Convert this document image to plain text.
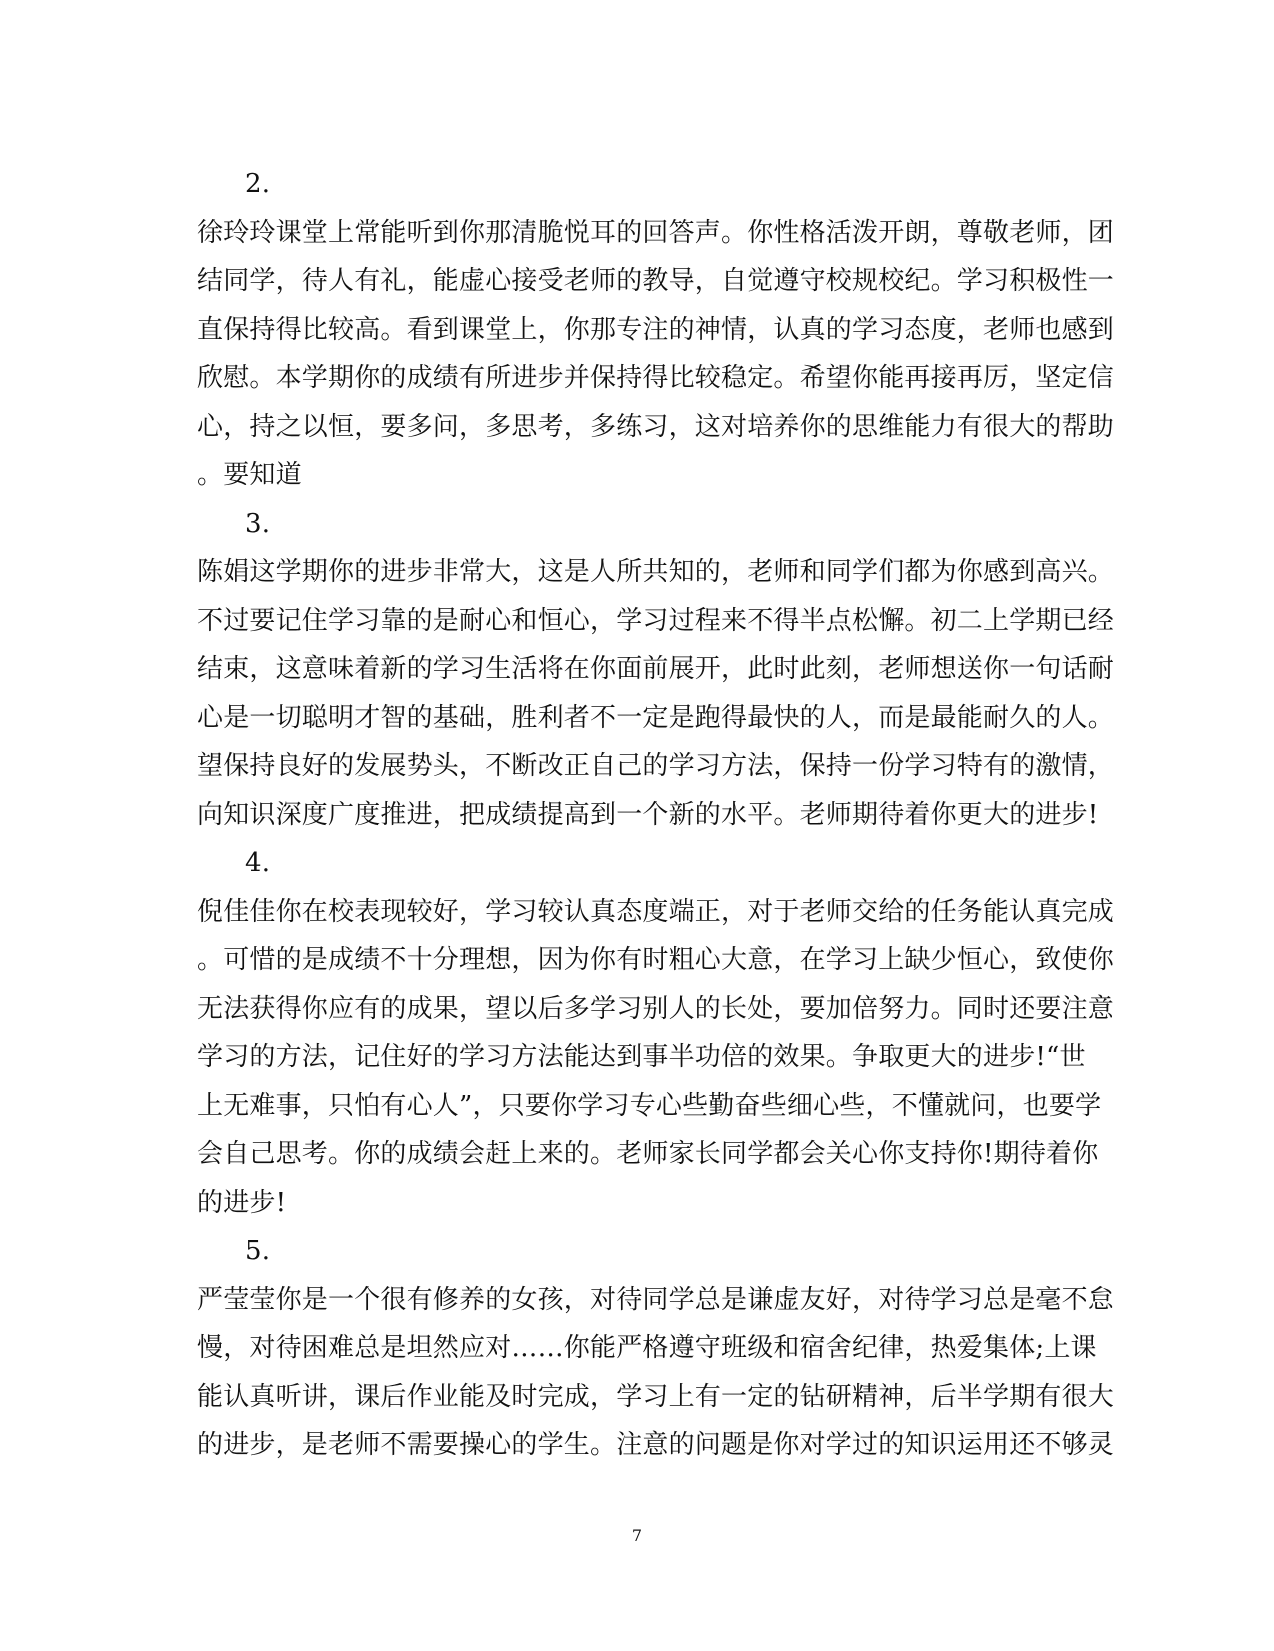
2.
徐玲玲课堂上常能听到你那清脆悦耳的回答声。你性格活泼开朗，尊敬老师，团
结同学，待人有礼，能虚心接受老师的教导，自觉遵守校规校纪。学习积极性一
直保持得比较高。看到课堂上，你那专注的神情，认真的学习态度，老师也感到
欣慰。本学期你的成绩有所进步并保持得比较稳定。希望你能再接再厉，坚定信
心，持之以恒，要多问，多思考，多练习，这对培养你的思维能力有很大的帮助
。要知道
3.
陈娟这学期你的进步非常大，这是人所共知的，老师和同学们都为你感到高兴。
不过要记住学习靠的是耐心和恒心，学习过程来不得半点松懈。初二上学期已经
结束，这意味着新的学习生活将在你面前展开，此时此刻，老师想送你一句话耐
心是一切聪明才智的基础，胜利者不一定是跑得最快的人，而是最能耐久的人。
望保持良好的发展势头，不断改正自己的学习方法，保持一份学习特有的激情，
向知识深度广度推进，把成绩提高到一个新的水平。老师期待着你更大的进步!
4.
倪佳佳你在校表现较好，学习较认真态度端正，对于老师交给的任务能认真完成
。可惜的是成绩不十分理想，因为你有时粗心大意，在学习上缺少恒心，致使你
无法获得你应有的成果，望以后多学习别人的长处，要加倍努力。同时还要注意
学习的方法，记住好的学习方法能达到事半功倍的效果。争取更大的进步!“世
上无难事，只怕有心人”，只要你学习专心些勤奋些细心些，不懂就问，也要学
会自己思考。你的成绩会赶上来的。老师家长同学都会关心你支持你!期待着你
的进步!
5.
严莹莹你是一个很有修养的女孩，对待同学总是谦虚友好，对待学习总是毫不怠
慢，对待困难总是坦然应对……你能严格遵守班级和宿舍纪律，热爱集体;上课
能认真听讲，课后作业能及时完成，学习上有一定的钻研精神，后半学期有很大
的进步，是老师不需要操心的学生。注意的问题是你对学过的知识运用还不够灵
7
